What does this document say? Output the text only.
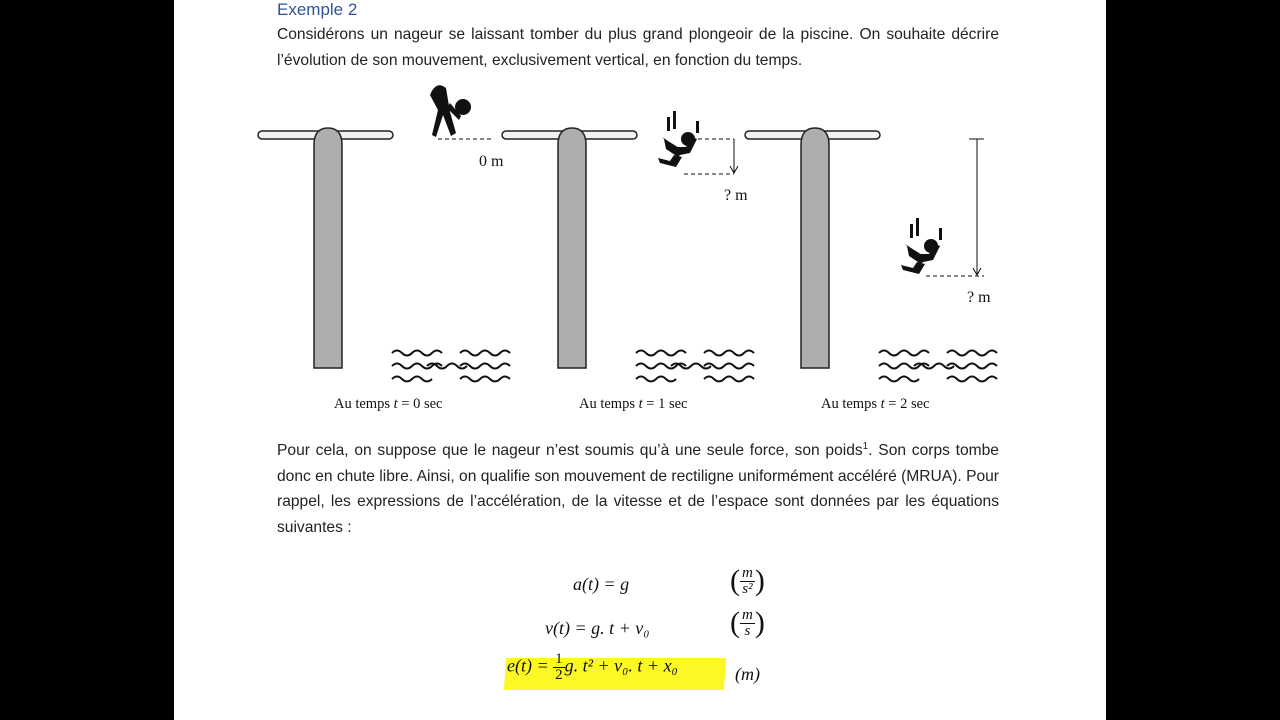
Exemple 2
Considérons un nageur se laissant tomber du plus grand plongeoir de la piscine. On souhaite décrire l’évolution de son mouvement, exclusivement vertical, en fonction du temps.
0 m
Au temps t = 0 sec
? m
Au temps t = 1 sec
? m
Au temps t = 2 sec
Pour cela, on suppose que le nageur n’est soumis qu’à une seule force, son poids$^1$. Son corps tombe donc en chute libre. Ainsi, on qualifie son mouvement de rectiligne uniformément accéléré (MRUA). Pour rappel, les expressions de l’accélération, de la vitesse et de l’espace sont données par les équations suivantes :
a(t) = g	( $\frac{m}{\text{s²}}$ )
v(t) = g. t + v₀	( $\frac{m}{s}$ )
$e(t) = \frac{1}{2} g$. t² + v₀. t + x₀	(m)
